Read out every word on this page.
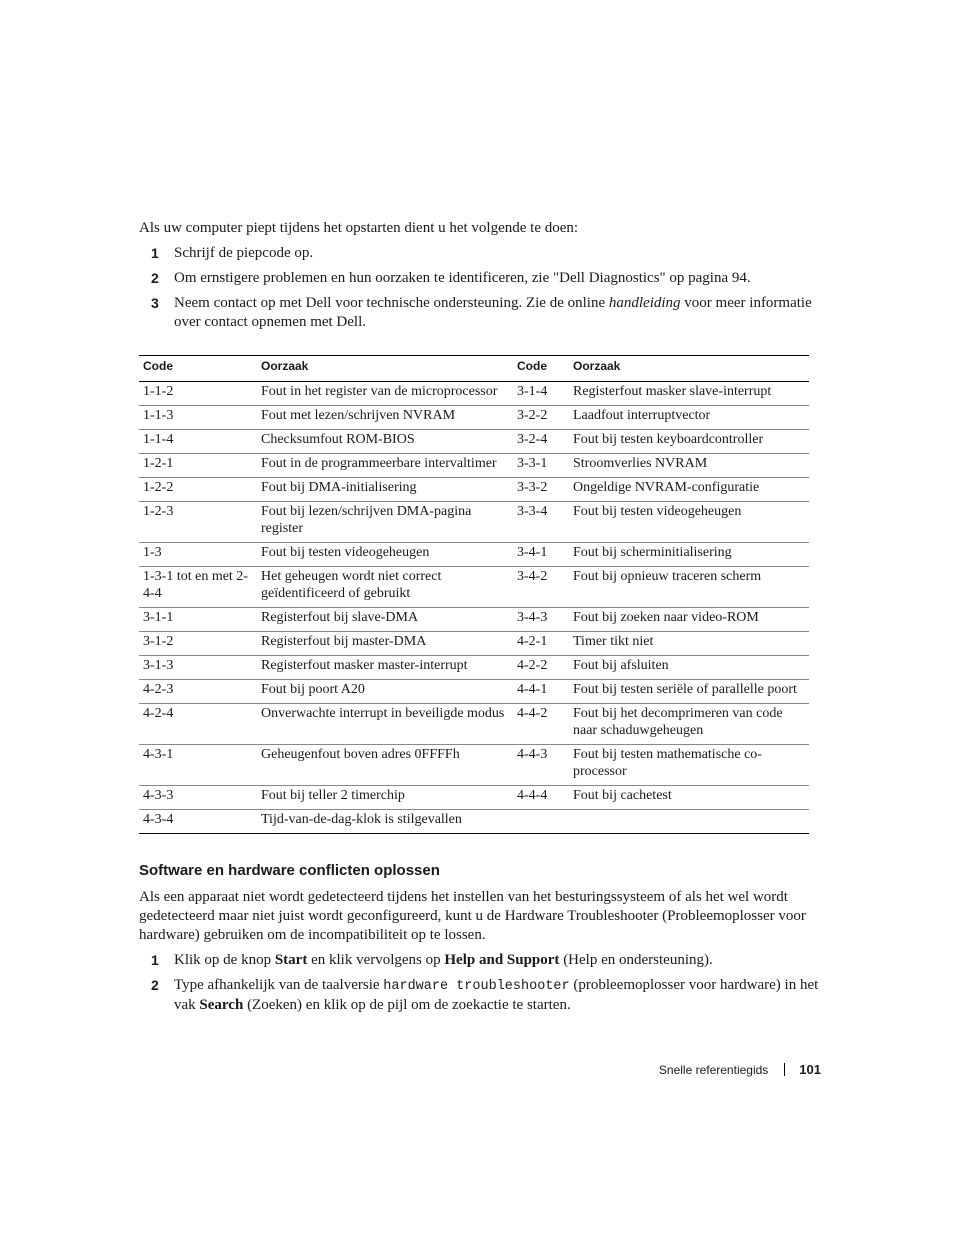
Als uw computer piept tijdens het opstarten dient u het volgende te doen:

1 Schrijf de piepcode op.
2 Om ernstigere problemen en hun oorzaken te identificeren, zie "Dell Diagnostics" op pagina 94.
3 Neem contact op met Dell voor technische ondersteuning. Zie de online handleiding voor meer informatie over contact opnemen met Dell.
Code	Oorzaak	Code	Oorzaak
1-1-2	Fout in het register van de microprocessor	3-1-4	Registerfout masker slave-interrupt
1-1-3	Fout met lezen/schrijven NVRAM	3-2-2	Laadfout interruptvector
1-1-4	Checksumfout ROM-BIOS	3-2-4	Fout bij testen keyboardcontroller
1-2-1	Fout in de programmeerbare intervaltimer	3-3-1	Stroomverlies NVRAM
1-2-2	Fout bij DMA-initialisering	3-3-2	Ongeldige NVRAM-configuratie
1-2-3	Fout bij lezen/schrijven DMA-pagina register	3-3-4	Fout bij testen videogeheugen
1-3	Fout bij testen videogeheugen	3-4-1	Fout bij scherminitialisering
1-3-1 tot en met 2-4-4	Het geheugen wordt niet correct geïdentificeerd of gebruikt	3-4-2	Fout bij opnieuw traceren scherm
3-1-1	Registerfout bij slave-DMA	3-4-3	Fout bij zoeken naar video-ROM
3-1-2	Registerfout bij master-DMA	4-2-1	Timer tikt niet
3-1-3	Registerfout masker master-interrupt	4-2-2	Fout bij afsluiten
4-2-3	Fout bij poort A20	4-4-1	Fout bij testen seriële of parallelle poort
4-2-4	Onverwachte interrupt in beveiligde modus	4-4-2	Fout bij het decomprimeren van code naar schaduwgeheugen
4-3-1	Geheugenfout boven adres 0FFFFh	4-4-3	Fout bij testen mathematische co-processor
4-3-3	Fout bij teller 2 timerchip	4-4-4	Fout bij cachetest
4-3-4	Tijd-van-de-dag-klok is stilgevallen		
Software en hardware conflicten oplossen

Als een apparaat niet wordt gedetecteerd tijdens het instellen van het besturingssysteem of als het wel wordt gedetecteerd maar niet juist wordt geconfigureerd, kunt u de Hardware Troubleshooter (Probleemoplosser voor hardware) gebruiken om de incompatibiliteit op te lossen.

1 Klik op de knop Start en klik vervolgens op Help and Support (Help en ondersteuning).
2 Type afhankelijk van de taalversie hardware troubleshooter (probleemoplosser voor hardware) in het vak Search (Zoeken) en klik op de pijl om de zoekactie te starten.
Snelle referentiegids 101
